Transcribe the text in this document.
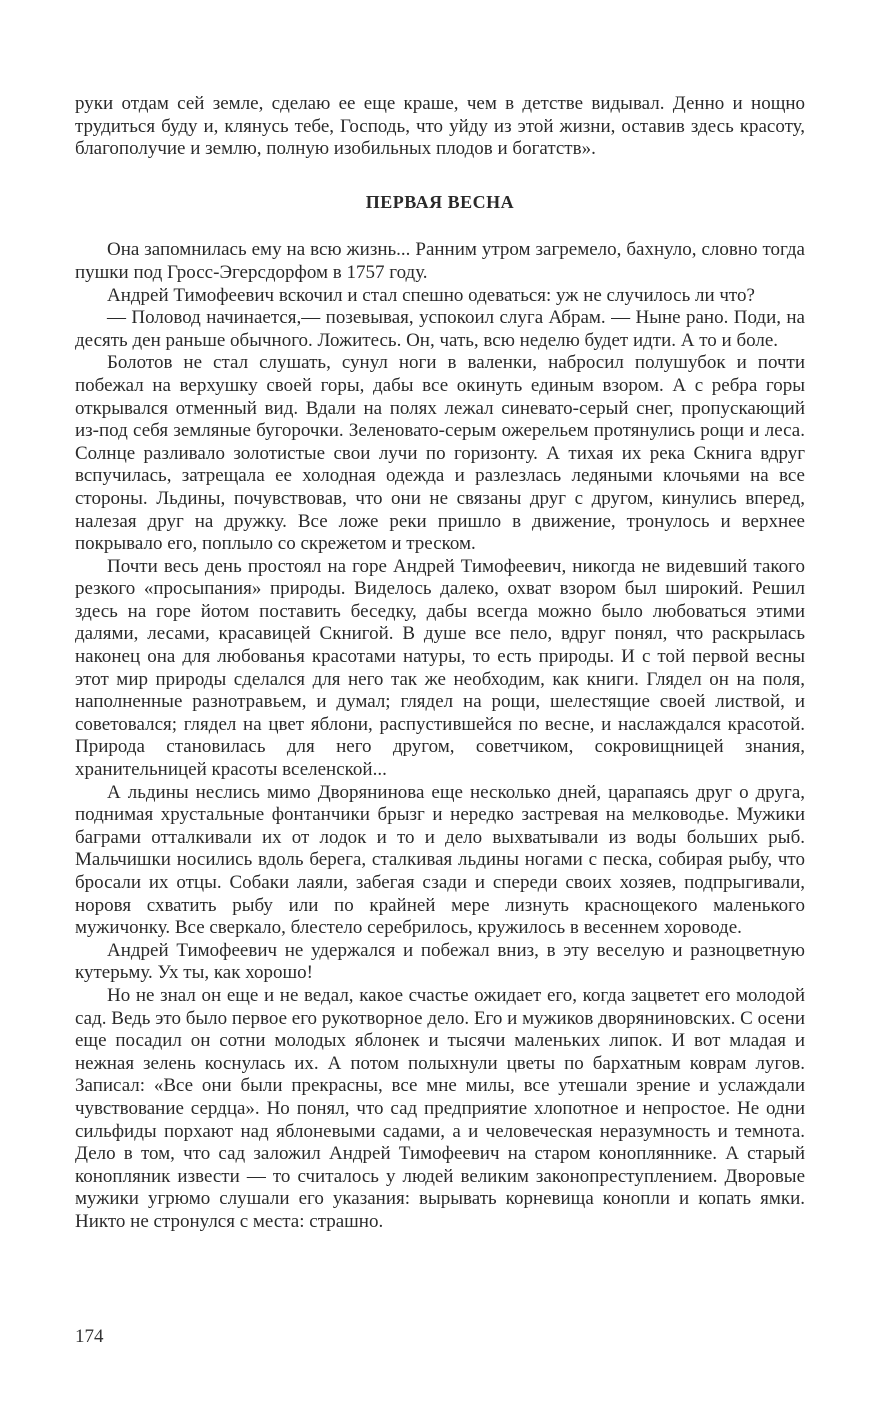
руки отдам сей земле, сделаю ее еще краше, чем в детстве видывал. Денно и нощно трудиться буду и, клянусь тебе, Господь, что уйду из этой жизни, оставив здесь красоту, благополучие и землю, полную изобильных плодов и богатств».

ПЕРВАЯ ВЕСНА

Она запомнилась ему на всю жизнь... Ранним утром загремело, бахнуло, словно тогда пушки под Гросс-Эгерсдорфом в 1757 году.

Андрей Тимофеевич вскочил и стал спешно одеваться: уж не случилось ли что?

— Половод начинается,— позевывая, успокоил слуга Абрам. — Ныне рано. Поди, на десять ден раньше обычного. Ложитесь. Он, чать, всю неделю будет идти. А то и боле.

Болотов не стал слушать, сунул ноги в валенки, набросил полушубок и почти побежал на верхушку своей горы, дабы все окинуть единым взором. А с ребра горы открывался отменный вид. Вдали на полях лежал синевато-серый снег, пропускающий из-под себя земляные бугорочки. Зеленовато-серым ожерельем протянулись рощи и леса. Солнце разливало золотистые свои лучи по горизонту. А тихая их река Скнига вдруг вспучилась, затрещала ее холодная одежда и разлезлась ледяными клочьями на все стороны. Льдины, почувствовав, что они не связаны друг с другом, кинулись вперед, налезая друг на дружку. Все ложе реки пришло в движение, тронулось и верхнее покрывало его, поплыло со скрежетом и треском.

Почти весь день простоял на горе Андрей Тимофеевич, никогда не видевший такого резкого «просыпания» природы. Виделось далеко, охват взором был широкий. Решил здесь на горе йотом поставить беседку, дабы всегда можно было любоваться этими далями, лесами, красавицей Скнигой. В душе все пело, вдруг понял, что раскрылась наконец она для любованья красотами натуры, то есть природы. И с той первой весны этот мир природы сделался для него так же необходим, как книги. Глядел он на поля, наполненные разнотравьем, и думал; глядел на рощи, шелестящие своей листвой, и советовался; глядел на цвет яблони, распустившейся по весне, и наслаждался красотой. Природа становилась для него другом, советчиком, сокровищницей знания, хранительницей красоты вселенской...

А льдины неслись мимо Дворянинова еще несколько дней, царапаясь друг о друга, поднимая хрустальные фонтанчики брызг и нередко застревая на мелководье. Мужики баграми отталкивали их от лодок и то и дело выхватывали из воды больших рыб. Мальчишки носились вдоль берега, сталкивая льдины ногами с песка, собирая рыбу, что бросали их отцы. Собаки лаяли, забегая сзади и спереди своих хозяев, подпрыгивали, норовя схватить рыбу или по крайней мере лизнуть краснощекого маленького мужичонку. Все сверкало, блестело серебрилось, кружилось в весеннем хороводе.

Андрей Тимофеевич не удержался и побежал вниз, в эту веселую и разноцветную кутерьму. Ух ты, как хорошо!

Но не знал он еще и не ведал, какое счастье ожидает его, когда зацветет его молодой сад. Ведь это было первое его рукотворное дело. Его и мужиков дворяниновских. С осени еще посадил он сотни молодых яблонек и тысячи маленьких липок. И вот младая и нежная зелень коснулась их. А потом полыхнули цветы по бархатным коврам лугов. Записал: «Все они были прекрасны, все мне милы, все утешали зрение и услаждали чувствование сердца». Но понял, что сад предприятие хлопотное и непростое. Не одни сильфиды порхают над яблоневыми садами, а и человеческая неразумность и темнота. Дело в том, что сад заложил Андрей Тимофеевич на старом конопляннике. А старый конопляник извести — то считалось у людей великим законопреступлением. Дворовые мужики угрюмо слушали его указания: вырывать корневища конопли и копать ямки. Никто не стронулся с места: страшно.

174
